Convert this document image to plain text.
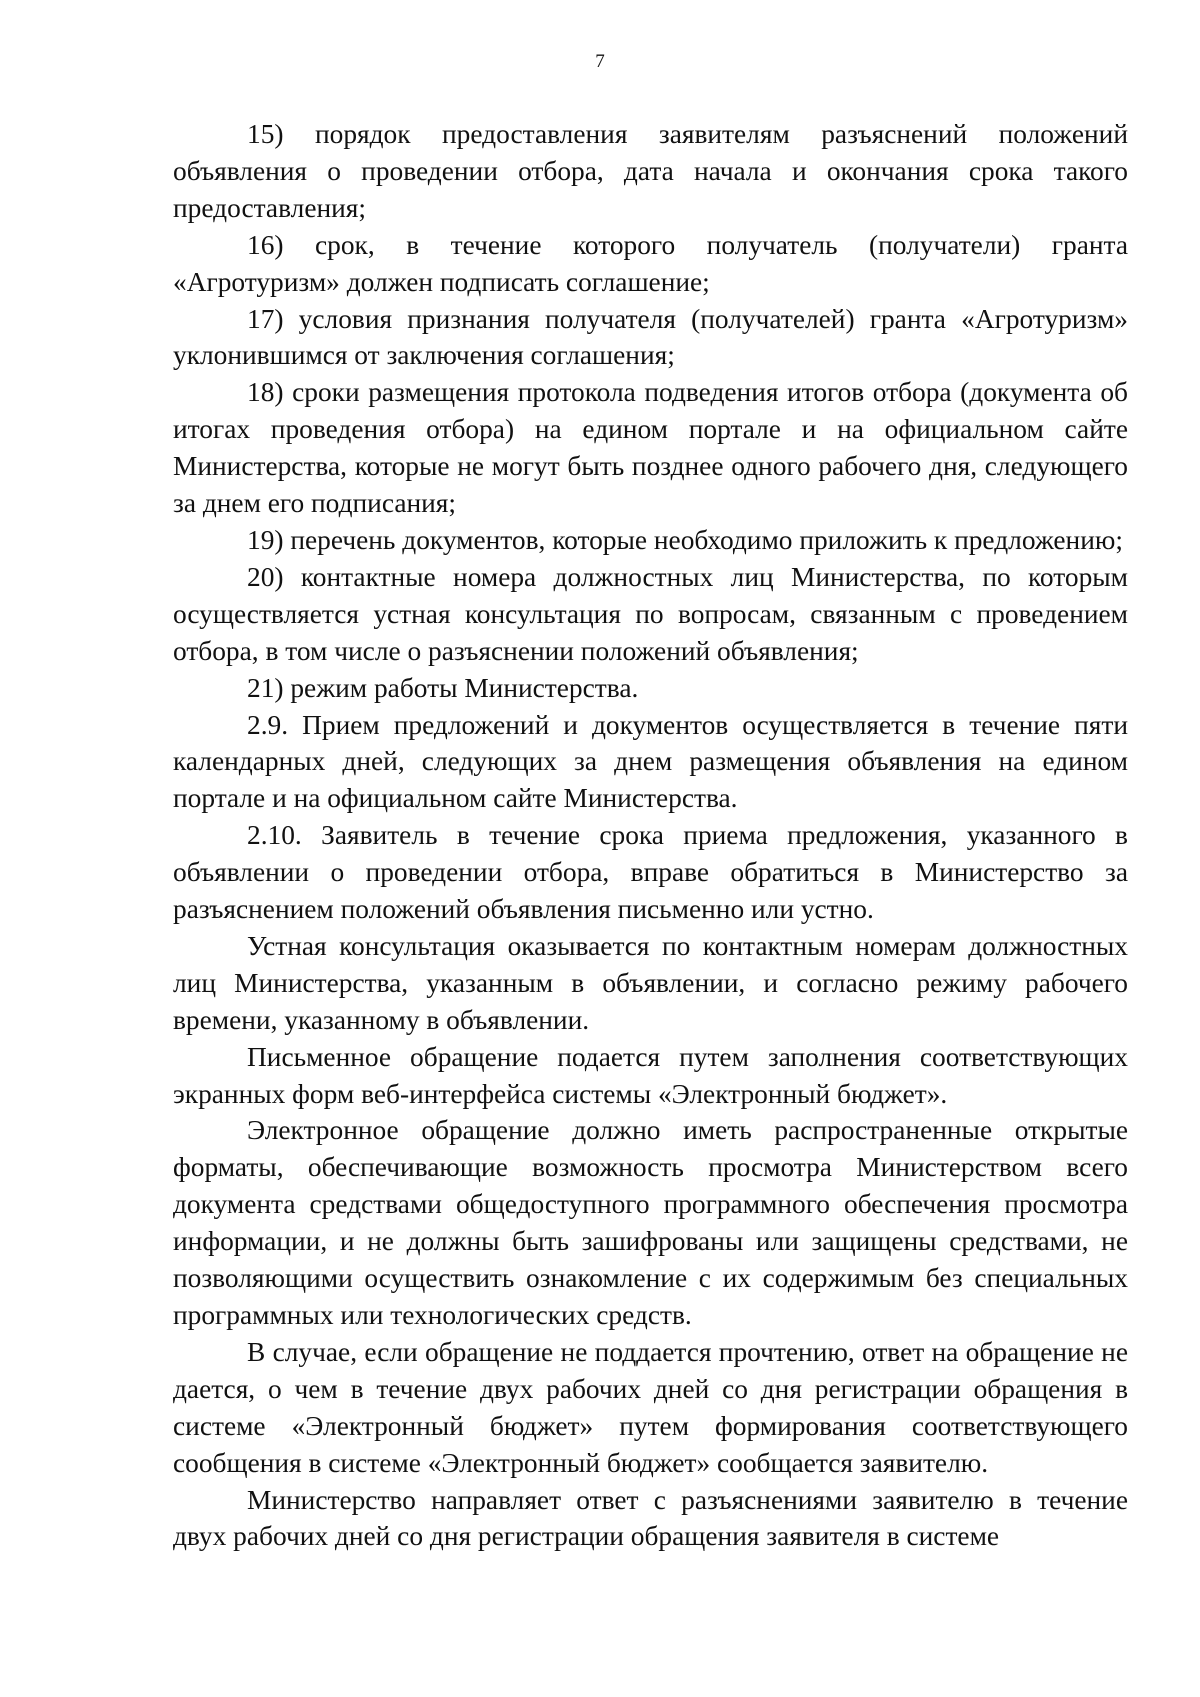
7

15) порядок предоставления заявителям разъяснений положений объявления о проведении отбора, дата начала и окончания срока такого предоставления;

16) срок, в течение которого получатель (получатели) гранта «Агротуризм» должен подписать соглашение;

17) условия признания получателя (получателей) гранта «Агротуризм» уклонившимся от заключения соглашения;

18) сроки размещения протокола подведения итогов отбора (документа об итогах проведения отбора) на едином портале и на официальном сайте Министерства, которые не могут быть позднее одного рабочего дня, следующего за днем его подписания;

19) перечень документов, которые необходимо приложить к предложению;

20) контактные номера должностных лиц Министерства, по которым осуществляется устная консультация по вопросам, связанным с проведением отбора, в том числе о разъяснении положений объявления;

21) режим работы Министерства.

2.9. Прием предложений и документов осуществляется в течение пяти календарных дней, следующих за днем размещения объявления на едином портале и на официальном сайте Министерства.

2.10. Заявитель в течение срока приема предложения, указанного в объявлении о проведении отбора, вправе обратиться в Министерство за разъяснением положений объявления письменно или устно.

Устная консультация оказывается по контактным номерам должностных лиц Министерства, указанным в объявлении, и согласно режиму рабочего времени, указанному в объявлении.

Письменное обращение подается путем заполнения соответствующих экранных форм веб-интерфейса системы «Электронный бюджет».

Электронное обращение должно иметь распространенные открытые форматы, обеспечивающие возможность просмотра Министерством всего документа средствами общедоступного программного обеспечения просмотра информации, и не должны быть зашифрованы или защищены средствами, не позволяющими осуществить ознакомление с их содержимым без специальных программных или технологических средств.

В случае, если обращение не поддается прочтению, ответ на обращение не дается, о чем в течение двух рабочих дней со дня регистрации обращения в системе «Электронный бюджет» путем формирования соответствующего сообщения в системе «Электронный бюджет» сообщается заявителю.

Министерство направляет ответ с разъяснениями заявителю в течение двух рабочих дней со дня регистрации обращения заявителя в системе
